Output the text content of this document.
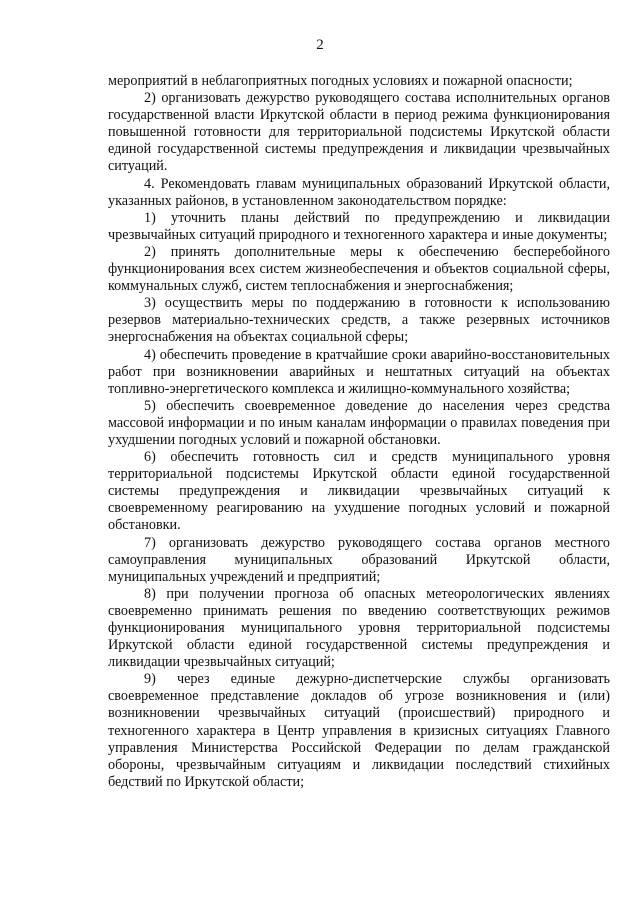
2

мероприятий в неблагоприятных погодных условиях и пожарной опасности;

2) организовать дежурство руководящего состава исполнительных органов государственной власти Иркутской области в период режима функционирования повышенной готовности для территориальной подсистемы Иркутской области единой государственной системы предупреждения и ликвидации чрезвычайных ситуаций.

4. Рекомендовать главам муниципальных образований Иркутской области, указанных районов, в установленном законодательством порядке:

1) уточнить планы действий по предупреждению и ликвидации чрезвычайных ситуаций природного и техногенного характера и иные документы;

2) принять дополнительные меры к обеспечению бесперебойного функционирования всех систем жизнеобеспечения и объектов социальной сферы, коммунальных служб, систем теплоснабжения и энергоснабжения;

3) осуществить меры по поддержанию в готовности к использованию резервов материально-технических средств, а также резервных источников энергоснабжения на объектах социальной сферы;

4) обеспечить проведение в кратчайшие сроки аварийно-восстановительных работ при возникновении аварийных и нештатных ситуаций на объектах топливно-энергетического комплекса и жилищно-коммунального хозяйства;

5) обеспечить своевременное доведение до населения через средства массовой информации и по иным каналам информации о правилах поведения при ухудшении погодных условий и пожарной обстановки.

6) обеспечить готовность сил и средств муниципального уровня территориальной подсистемы Иркутской области единой государственной системы предупреждения и ликвидации чрезвычайных ситуаций к своевременному реагированию на ухудшение погодных условий и пожарной обстановки.

7) организовать дежурство руководящего состава органов местного самоуправления муниципальных образований Иркутской области, муниципальных учреждений и предприятий;

8) при получении прогноза об опасных метеорологических явлениях своевременно принимать решения по введению соответствующих режимов функционирования муниципального уровня территориальной подсистемы Иркутской области единой государственной системы предупреждения и ликвидации чрезвычайных ситуаций;

9) через единые дежурно-диспетчерские службы организовать своевременное представление докладов об угрозе возникновения и (или) возникновении чрезвычайных ситуаций (происшествий) природного и техногенного характера в Центр управления в кризисных ситуациях Главного управления Министерства Российской Федерации по делам гражданской обороны, чрезвычайным ситуациям и ликвидации последствий стихийных бедствий по Иркутской области;
